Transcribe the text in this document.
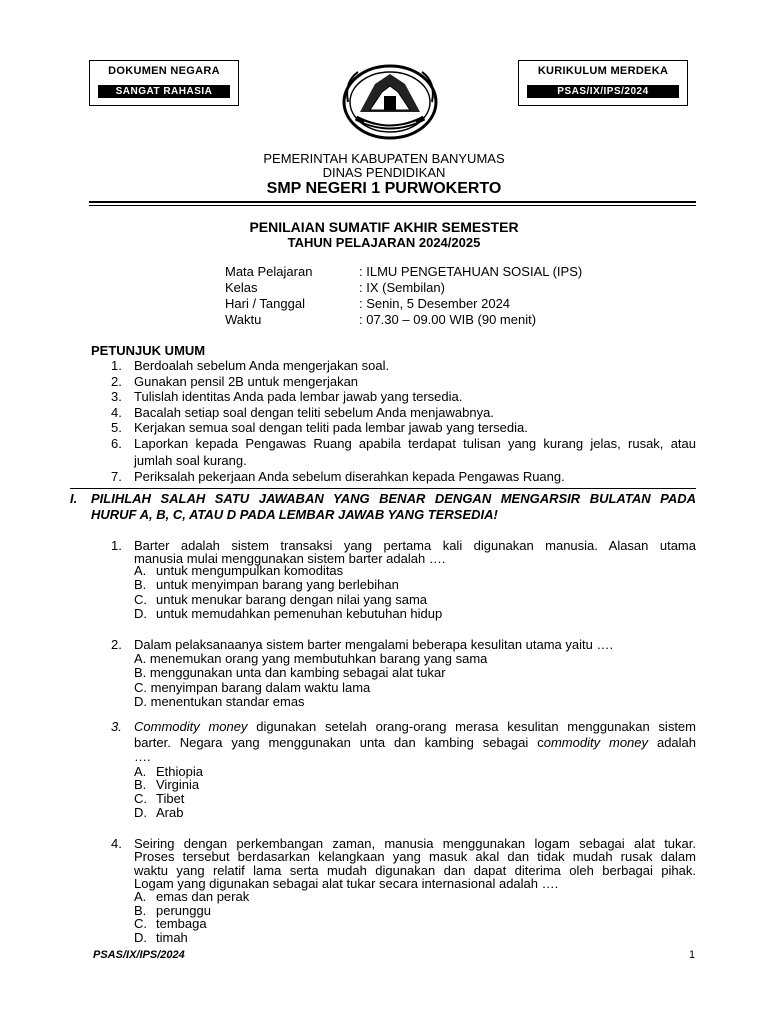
DOKUMEN NEGARA
SANGAT RAHASIA
KURIKULUM MERDEKA
PSAS/IX/IPS/2024
PEMERINTAH KABUPATEN BANYUMAS
DINAS PENDIDIKAN
SMP NEGERI 1 PURWOKERTO
PENILAIAN SUMATIF AKHIR SEMESTER
TAHUN PELAJARAN 2024/2025
Mata Pelajaran	: ILMU PENGETAHUAN SOSIAL (IPS)
Kelas	: IX (Sembilan)
Hari / Tanggal	: Senin, 5 Desember 2024
Waktu	: 07.30 – 09.00 WIB (90 menit)
PETUNJUK UMUM
1. Berdoalah sebelum Anda mengerjakan soal.
2. Gunakan pensil 2B untuk mengerjakan
3. Tulislah identitas Anda pada lembar jawab yang tersedia.
4. Bacalah setiap soal dengan teliti sebelum Anda menjawabnya.
5. Kerjakan semua soal dengan teliti pada lembar jawab yang tersedia.
6. Laporkan kepada Pengawas Ruang apabila terdapat tulisan yang kurang jelas, rusak, atau
jumlah soal kurang.
7. Periksalah pekerjaan Anda sebelum diserahkan kepada Pengawas Ruang.
I. PILIHLAH SALAH SATU JAWABAN YANG BENAR DENGAN MENGARSIR BULATAN PADA
HURUF A, B, C, ATAU D PADA LEMBAR JAWAB YANG TERSEDIA!
1. Barter adalah sistem transaksi yang pertama kali digunakan manusia. Alasan utama
manusia mulai menggunakan sistem barter adalah ….
A. untuk mengumpulkan komoditas
B. untuk menyimpan barang yang berlebihan
C. untuk menukar barang dengan nilai yang sama
D. untuk memudahkan pemenuhan kebutuhan hidup
2. Dalam pelaksanaanya sistem barter mengalami beberapa kesulitan utama yaitu ….
A. menemukan orang yang membutuhkan barang yang sama
B. menggunakan unta dan kambing sebagai alat tukar
C. menyimpan barang dalam waktu lama
D. menentukan standar emas
3. Commodity money digunakan setelah orang-orang merasa kesulitan menggunakan sistem
barter. Negara yang menggunakan unta dan kambing sebagai commodity money adalah
….
A. Ethiopia
B. Virginia
C. Tibet
D. Arab
4. Seiring dengan perkembangan zaman, manusia menggunakan logam sebagai alat tukar.
Proses tersebut berdasarkan kelangkaan yang masuk akal dan tidak mudah rusak dalam
waktu yang relatif lama serta mudah digunakan dan dapat diterima oleh berbagai pihak.
Logam yang digunakan sebagai alat tukar secara internasional adalah ….
A. emas dan perak
B. perunggu
C. tembaga
D. timah
PSAS/IX/IPS/2024	1
